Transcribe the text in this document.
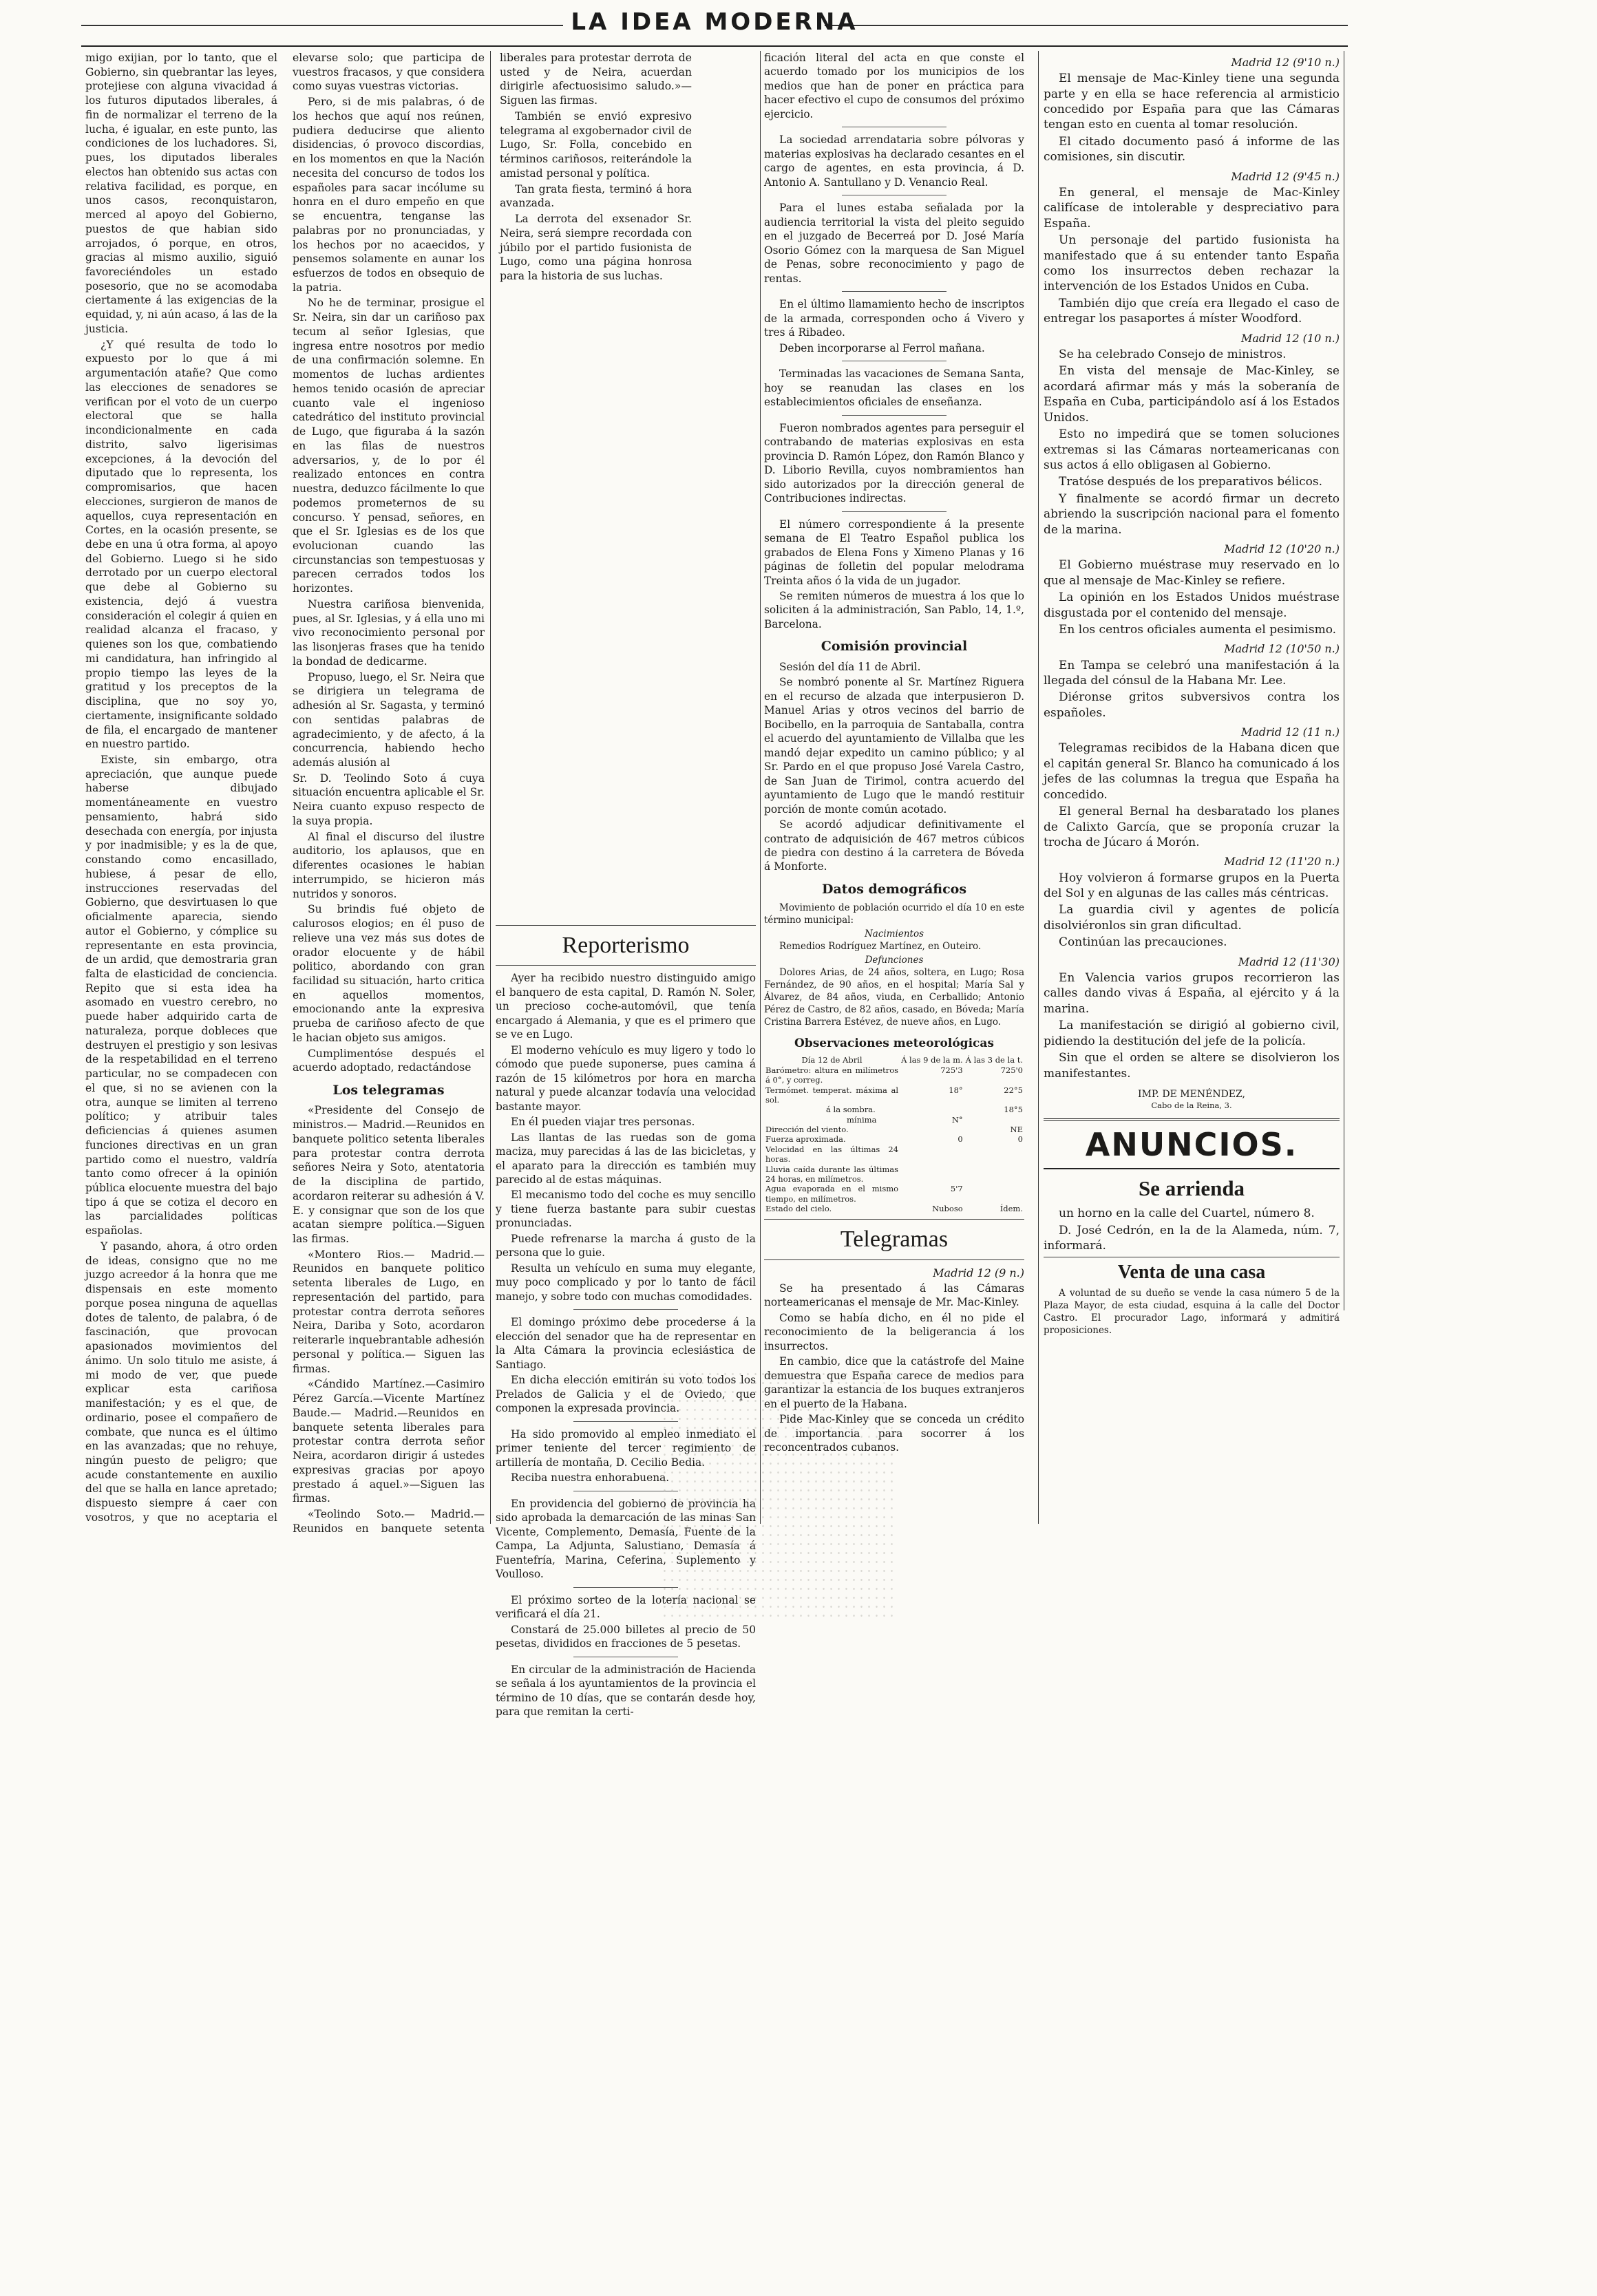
LA IDEA MODERNA

migo exijian, por lo tanto, que el Gobierno, sin quebrantar las leyes, protejiese con alguna vivacidad á los futuros diputados liberales, á fin de normalizar el terreno de la lucha, é igualar, en este punto, las condiciones de los luchadores. Si, pues, los diputados liberales electos han obtenido sus actas con relativa facilidad, es porque, en unos casos, reconquistaron, merced al apoyo del Gobierno, puestos de que habian sido arrojados, ó porque, en otros, gracias al mismo auxilio, siguió favoreciéndoles un estado posesorio, que no se acomodaba ciertamente á las exigencias de la equidad, y, ni aún acaso, á las de la justicia.

¿Y qué resulta de todo lo expuesto por lo que á mi argumentación atañe? Que como las elecciones de senadores se verifican por el voto de un cuerpo electoral que se halla incondicionalmente en cada distrito, salvo ligerisimas excepciones, á la devoción del diputado que lo representa, los compromisarios, que hacen elecciones, surgieron de manos de aquellos, cuya representación en Cortes, en la ocasión presente, se debe en una ú otra forma, al apoyo del Gobierno. Luego si he sido derrotado por un cuerpo electoral que debe al Gobierno su existencia, dejó á vuestra consideración el colegir á quien en realidad alcanza el fracaso, y quienes son los que, combatiendo mi candidatura, han infringido al propio tiempo las leyes de la gratitud y los preceptos de la disciplina, que no soy yo, ciertamente, insignificante soldado de fila, el encargado de mantener en nuestro partido.

Existe, sin embargo, otra apreciación, que aunque puede haberse dibujado momentáneamente en vuestro pensamiento, habrá sido desechada con energía, por injusta y por inadmisible; y es la de que, constando como encasillado, hubiese, á pesar de ello, instrucciones reservadas del Gobierno, que desvirtuasen lo que oficialmente aparecia, siendo autor el Gobierno, y cómplice su representante en esta provincia, de un ardid, que demostraria gran falta de elasticidad de conciencia. Repito que si esta idea ha asomado en vuestro cerebro, no puede haber adquirido carta de naturaleza, porque dobleces que destruyen el prestigio y son lesivas de la respetabilidad en el terreno particular, no se compadecen con el que, si no se avienen con la otra, aunque se limiten al terreno político; y atribuir tales deficiencias á quienes asumen funciones directivas en un gran partido como el nuestro, valdría tanto como ofrecer á la opinión pública elocuente muestra del bajo tipo á que se cotiza el decoro en las parcialidades políticas españolas.

Y pasando, ahora, á otro orden de ideas, consigno que no me juzgo acreedor á la honra que me dispensais en este momento porque posea ninguna de aquellas dotes de talento, de palabra, ó de fascinación, que provocan apasionados movimientos del ánimo. Un solo titulo me asiste, á mi modo de ver, que puede explicar esta cariñosa manifestación; y es el que, de ordinario, posee el compañero de combate, que nunca es el último en las avanzadas; que no rehuye, ningún puesto de peligro; que acude constantemente en auxilio del que se halla en lance apretado; dispuesto siempre á caer con vosotros, y que no aceptaria el elevarse solo; que participa de vuestros fracasos, y que considera como suyas vuestras victorias.

Pero, si de mis palabras, ó de los hechos que aquí nos reúnen, pudiera deducirse que aliento disidencias, ó provoco discordias, en los momentos en que la Nación necesita del concurso de todos los españoles para sacar incólume su honra en el duro empeño en que se encuentra, tenganse las palabras por no pronunciadas, y los hechos por no acaecidos, y pensemos solamente en aunar los esfuerzos de todos en obsequio de la patria.

No he de terminar, prosigue el Sr. Neira, sin dar un cariñoso pax tecum al señor Iglesias, que ingresa entre nosotros por medio de una confirmación solemne. En momentos de luchas ardientes hemos tenido ocasión de apreciar cuanto vale el ingenioso catedrático del instituto provincial de Lugo, que figuraba á la sazón en las filas de nuestros adversarios, y, de lo por él realizado entonces en contra nuestra, deduzco fácilmente lo que podemos prometernos de su concurso. Y pensad, señores, en que el Sr. Iglesias es de los que evolucionan cuando las circunstancias son tempestuosas y parecen cerrados todos los horizontes.

Nuestra cariñosa bienvenida, pues, al Sr. Iglesias, y á ella uno mi vivo reconocimiento personal por las lisonjeras frases que ha tenido la bondad de dedicarme.

Propuso, luego, el Sr. Neira que se dirigiera un telegrama de adhesión al Sr. Sagasta, y terminó con sentidas palabras de agradecimiento, y de afecto, á la concurrencia, habiendo hecho además alusión al

Sr. D. Teolindo Soto á cuya situación encuentra aplicable el Sr. Neira cuanto expuso respecto de la suya propia.

Al final el discurso del ilustre auditorio, los aplausos, que en diferentes ocasiones le habian interrumpido, se hicieron más nutridos y sonoros.

Su brindis fué objeto de calurosos elogios; en él puso de relieve una vez más sus dotes de orador elocuente y de hábil politico, abordando con gran facilidad su situación, harto critica en aquellos momentos, emocionando ante la expresiva prueba de cariñoso afecto de que le hacian objeto sus amigos.

Cumplimentóse después el acuerdo adoptado, redactándose

Los telegramas

«Presidente del Consejo de ministros.— Madrid.—Reunidos en banquete politico setenta liberales para protestar contra derrota señores Neira y Soto, atentatoria de la disciplina de partido, acordaron reiterar su adhesión á V. E. y consignar que son de los que acatan siempre política.—Siguen las firmas.

«Montero Rios.— Madrid.— Reunidos en banquete politico setenta liberales de Lugo, en representación del partido, para protestar contra derrota señores Neira, Dariba y Soto, acordaron reiterarle inquebrantable adhesión personal y política.— Siguen las firmas.

«Cándido Martínez.—Casimiro Pérez García.—Vicente Martínez Baude.— Madrid.—Reunidos en banquete setenta liberales para protestar contra derrota señor Neira, acordaron dirigir á ustedes expresivas gracias por apoyo prestado á aquel.»—Siguen las firmas.

«Teolindo Soto.— Madrid.— Reunidos en banquete setenta liberales para protestar derrota de usted y de Neira, acuerdan dirigirle afectuosisimo saludo.»—Siguen las firmas.

También se envió expresivo telegrama al exgobernador civil de Lugo, Sr. Folla, concebido en términos cariñosos, reiterándole la amistad personal y política.

Tan grata fiesta, terminó á hora avanzada.

La derrota del exsenador Sr. Neira, será siempre recordada con júbilo por el partido fusionista de Lugo, como una página honrosa para la historia de sus luchas.

Reporterismo

Ayer ha recibido nuestro distinguido amigo el banquero de esta capital, D. Ramón N. Soler, un precioso coche-automóvil, que tenía encargado á Alemania, y que es el primero que se ve en Lugo.

El moderno vehículo es muy ligero y todo lo cómodo que puede suponerse, pues camina á razón de 15 kilómetros por hora en marcha natural y puede alcanzar todavía una velocidad bastante mayor.

En él pueden viajar tres personas.

Las llantas de las ruedas son de goma maciza, muy parecidas á las de las bicicletas, y el aparato para la dirección es también muy parecido al de estas máquinas.

El mecanismo todo del coche es muy sencillo y tiene fuerza bastante para subir cuestas pronunciadas.

Puede refrenarse la marcha á gusto de la persona que lo guie.

Resulta un vehículo en suma muy elegante, muy poco complicado y por lo tanto de fácil manejo, y sobre todo con muchas comodidades.

El domingo próximo debe procederse á la elección del senador que ha de representar en la Alta Cámara la provincia eclesiástica de Santiago.

En dicha elección emitirán su voto todos los Prelados de Galicia y el de Oviedo, que componen la expresada provincia.

Ha sido promovido al empleo inmediato el primer teniente del tercer regimiento de artillería de montaña, D. Cecilio Bedia.

Reciba nuestra enhorabuena.

En providencia del gobierno de provincia ha sido aprobada la demarcación de las minas San Vicente, Complemento, Demasía, Fuente de la Campa, La Adjunta, Salustiano, Demasía á Fuentefría, Marina, Ceferina, Suplemento y Voulloso.

El próximo sorteo de la lotería nacional se verificará el día 21.

Constará de 25.000 billetes al precio de 50 pesetas, divididos en fracciones de 5 pesetas.

En circular de la administración de Hacienda se señala á los ayuntamientos de la provincia el término de 10 días, que se contarán desde hoy, para que remitan la certi-

ficación literal del acta en que conste el acuerdo tomado por los municipios de los medios que han de poner en práctica para hacer efectivo el cupo de consumos del próximo ejercicio.

La sociedad arrendataria sobre pólvoras y materias explosivas ha declarado cesantes en el cargo de agentes, en esta provincia, á D. Antonio A. Santullano y D. Venancio Real.

Para el lunes estaba señalada por la audiencia territorial la vista del pleito seguido en el juzgado de Becerreá por D. José María Osorio Gómez con la marquesa de San Miguel de Penas, sobre reconocimiento y pago de rentas.

En el último llamamiento hecho de inscriptos de la armada, corresponden ocho á Vivero y tres á Ribadeo.

Deben incorporarse al Ferrol mañana.

Terminadas las vacaciones de Semana Santa, hoy se reanudan las clases en los establecimientos oficiales de enseñanza.

Fueron nombrados agentes para perseguir el contrabando de materias explosivas en esta provincia D. Ramón López, don Ramón Blanco y D. Liborio Revilla, cuyos nombramientos han sido autorizados por la dirección general de Contribuciones indirectas.

El número correspondiente á la presente semana de El Teatro Español publica los grabados de Elena Fons y Ximeno Planas y 16 páginas de folletin del popular melodrama Treinta años ó la vida de un jugador.

Se remiten números de muestra á los que lo soliciten á la administración, San Pablo, 14, 1.º, Barcelona.

Comisión provincial

Sesión del día 11 de Abril.

Se nombró ponente al Sr. Martínez Riguera en el recurso de alzada que interpusieron D. Manuel Arias y otros vecinos del barrio de Bocibello, en la parroquia de Santaballa, contra el acuerdo del ayuntamiento de Villalba que les mandó dejar expedito un camino público; y al Sr. Pardo en el que propuso José Varela Castro, de San Juan de Tirimol, contra acuerdo del ayuntamiento de Lugo que le mandó restituir porción de monte común acotado.

Se acordó adjudicar definitivamente el contrato de adquisición de 467 metros cúbicos de piedra con destino á la carretera de Bóveda á Monforte.

Datos demográficos

Movimiento de población ocurrido el día 10 en este término municipal:

Nacimientos

Remedios Rodríguez Martínez, en Outeiro.

Defunciones

Dolores Arias, de 24 años, soltera, en Lugo; Rosa Fernández, de 90 años, en el hospital; María Sal y Álvarez, de 84 años, viuda, en Cerballido; Antonio Pérez de Castro, de 82 años, casado, en Bóveda; María Cristina Barrera Estévez, de nueve años, en Lugo.

Observaciones meteorológicas
Día 12 de Abril	Á las 9 de la m.	Á las 3 de la t.
Barómetro: altura en milímetros á 0°, y correg.	725'3	725'0
Termómet. temperat. máxima al sol.	18°	22°5
á la sombra.		18°5
mínima	N°	
Dirección del viento.		NE
Fuerza aproximada.	0	0
Velocidad en las últimas 24 horas.		
Lluvia caída durante las últimas 24 horas, en milímetros.		
Agua evaporada en el mismo tiempo, en milímetros.	5'7	
Estado del cielo.	Nuboso	Ídem.
Telegramas
Madrid 12 (9 n.)

Se ha presentado á las Cámaras norteamericanas el mensaje de Mr. Mac-Kinley.

Como se había dicho, en él no pide el reconocimiento de la beligerancia á los insurrectos.

En cambio, dice que la catástrofe del Maine demuestra que España carece de medios para garantizar la estancia de los buques extranjeros en el puerto de la Habana.

Pide Mac-Kinley que se conceda un crédito de importancia para socorrer á los reconcentrados cubanos.

Madrid 12 (9'10 n.)

El mensaje de Mac-Kinley tiene una segunda parte y en ella se hace referencia al armisticio concedido por España para que las Cámaras tengan esto en cuenta al tomar resolución.

El citado documento pasó á informe de las comisiones, sin discutir.

Madrid 12 (9'45 n.)

En general, el mensaje de Mac-Kinley califícase de intolerable y despreciativo para España.

Un personaje del partido fusionista ha manifestado que á su entender tanto España como los insurrectos deben rechazar la intervención de los Estados Unidos en Cuba.

También dijo que creía era llegado el caso de entregar los pasaportes á míster Woodford.

Madrid 12 (10 n.)

Se ha celebrado Consejo de ministros.

En vista del mensaje de Mac-Kinley, se acordará afirmar más y más la soberanía de España en Cuba, participándolo así á los Estados Unidos.

Esto no impedirá que se tomen soluciones extremas si las Cámaras norteamericanas con sus actos á ello obligasen al Gobierno.

Tratóse después de los preparativos bélicos.

Y finalmente se acordó firmar un decreto abriendo la suscripción nacional para el fomento de la marina.

Madrid 12 (10'20 n.)

El Gobierno muéstrase muy reservado en lo que al mensaje de Mac-Kinley se refiere.

La opinión en los Estados Unidos muéstrase disgustada por el contenido del mensaje.

En los centros oficiales aumenta el pesimismo.

Madrid 12 (10'50 n.)

En Tampa se celebró una manifestación á la llegada del cónsul de la Habana Mr. Lee.

Diéronse gritos subversivos contra los españoles.

Madrid 12 (11 n.)

Telegramas recibidos de la Habana dicen que el capitán general Sr. Blanco ha comunicado á los jefes de las columnas la tregua que España ha concedido.

El general Bernal ha desbaratado los planes de Calixto García, que se proponía cruzar la trocha de Júcaro á Morón.

Madrid 12 (11'20 n.)

Hoy volvieron á formarse grupos en la Puerta del Sol y en algunas de las calles más céntricas.

La guardia civil y agentes de policía disolviéronlos sin gran dificultad.

Continúan las precauciones.

Madrid 12 (11'30)

En Valencia varios grupos recorrieron las calles dando vivas á España, al ejército y á la marina.

La manifestación se dirigió al gobierno civil, pidiendo la destitución del jefe de la policía.

Sin que el orden se altere se disolvieron los manifestantes.

IMP. DE MENÉNDEZ,
Cabo de la Reina, 3.
ANUNCIOS.
Se arrienda

un horno en la calle del Cuartel, número 8.

D. José Cedrón, en la de la Alameda, núm. 7, informará.

Venta de una casa

A voluntad de su dueño se vende la casa número 5 de la Plaza Mayor, de esta ciudad, esquina á la calle del Doctor Castro. El procurador Lago, informará y admitirá proposiciones.
